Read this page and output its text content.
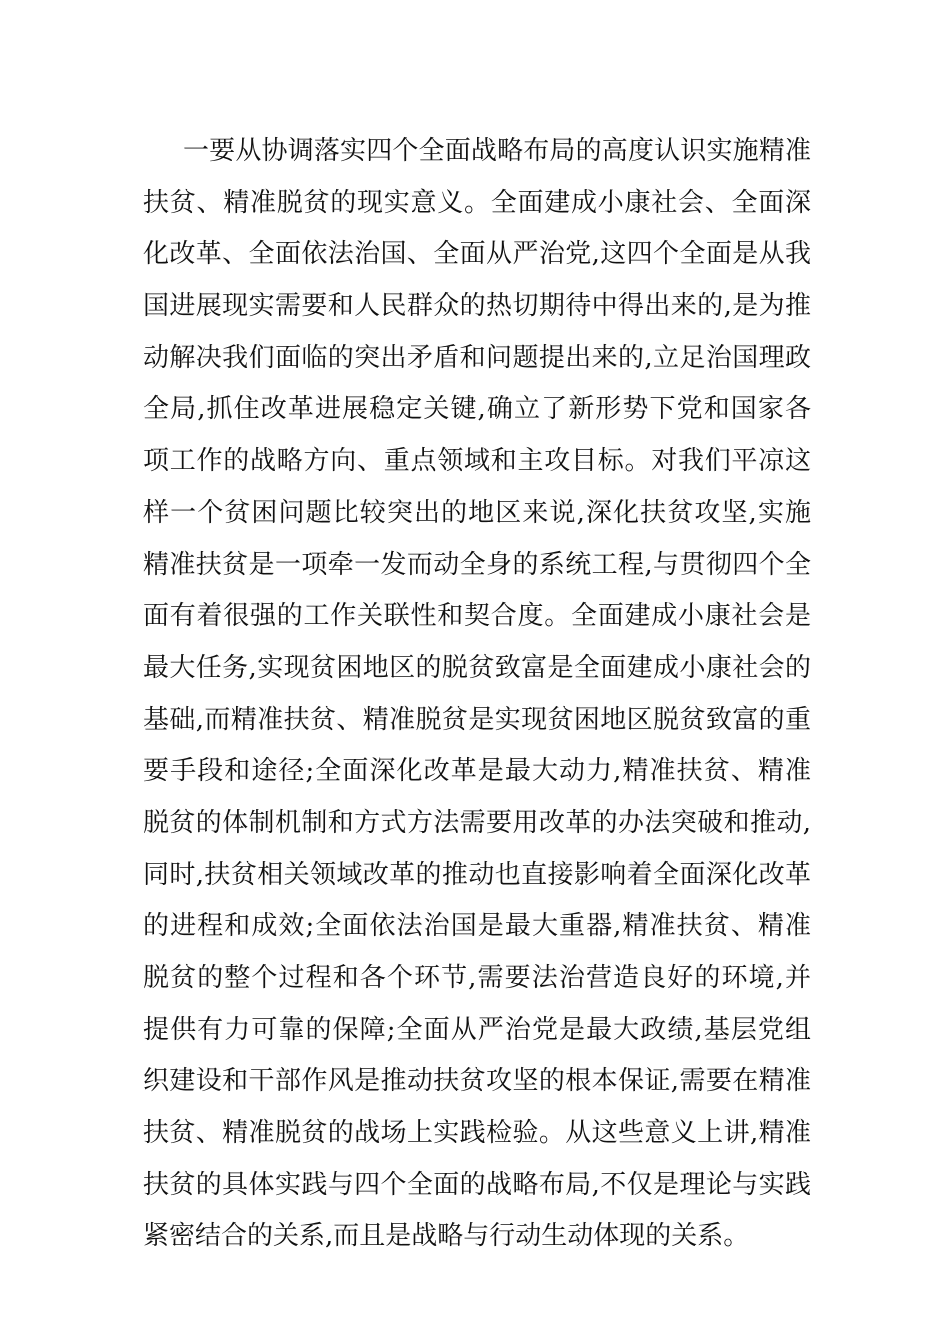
一要从协调落实四个全面战略布局的高度认识实施精准
扶贫、精准脱贫的现实意义。全面建成小康社会、全面深
化改革、全面依法治国、全面从严治党,这四个全面是从我
国进展现实需要和人民群众的热切期待中得出来的,是为推
动解决我们面临的突出矛盾和问题提出来的,立足治国理政
全局,抓住改革进展稳定关键,确立了新形势下党和国家各
项工作的战略方向、重点领域和主攻目标。对我们平凉这
样一个贫困问题比较突出的地区来说,深化扶贫攻坚,实施
精准扶贫是一项牵一发而动全身的系统工程,与贯彻四个全
面有着很强的工作关联性和契合度。全面建成小康社会是
最大任务,实现贫困地区的脱贫致富是全面建成小康社会的
基础,而精准扶贫、精准脱贫是实现贫困地区脱贫致富的重
要手段和途径;全面深化改革是最大动力,精准扶贫、精准
脱贫的体制机制和方式方法需要用改革的办法突破和推动,
同时,扶贫相关领域改革的推动也直接影响着全面深化改革
的进程和成效;全面依法治国是最大重器,精准扶贫、精准
脱贫的整个过程和各个环节,需要法治营造良好的环境,并
提供有力可靠的保障;全面从严治党是最大政绩,基层党组
织建设和干部作风是推动扶贫攻坚的根本保证,需要在精准
扶贫、精准脱贫的战场上实践检验。从这些意义上讲,精准
扶贫的具体实践与四个全面的战略布局,不仅是理论与实践
紧密结合的关系,而且是战略与行动生动体现的关系。
